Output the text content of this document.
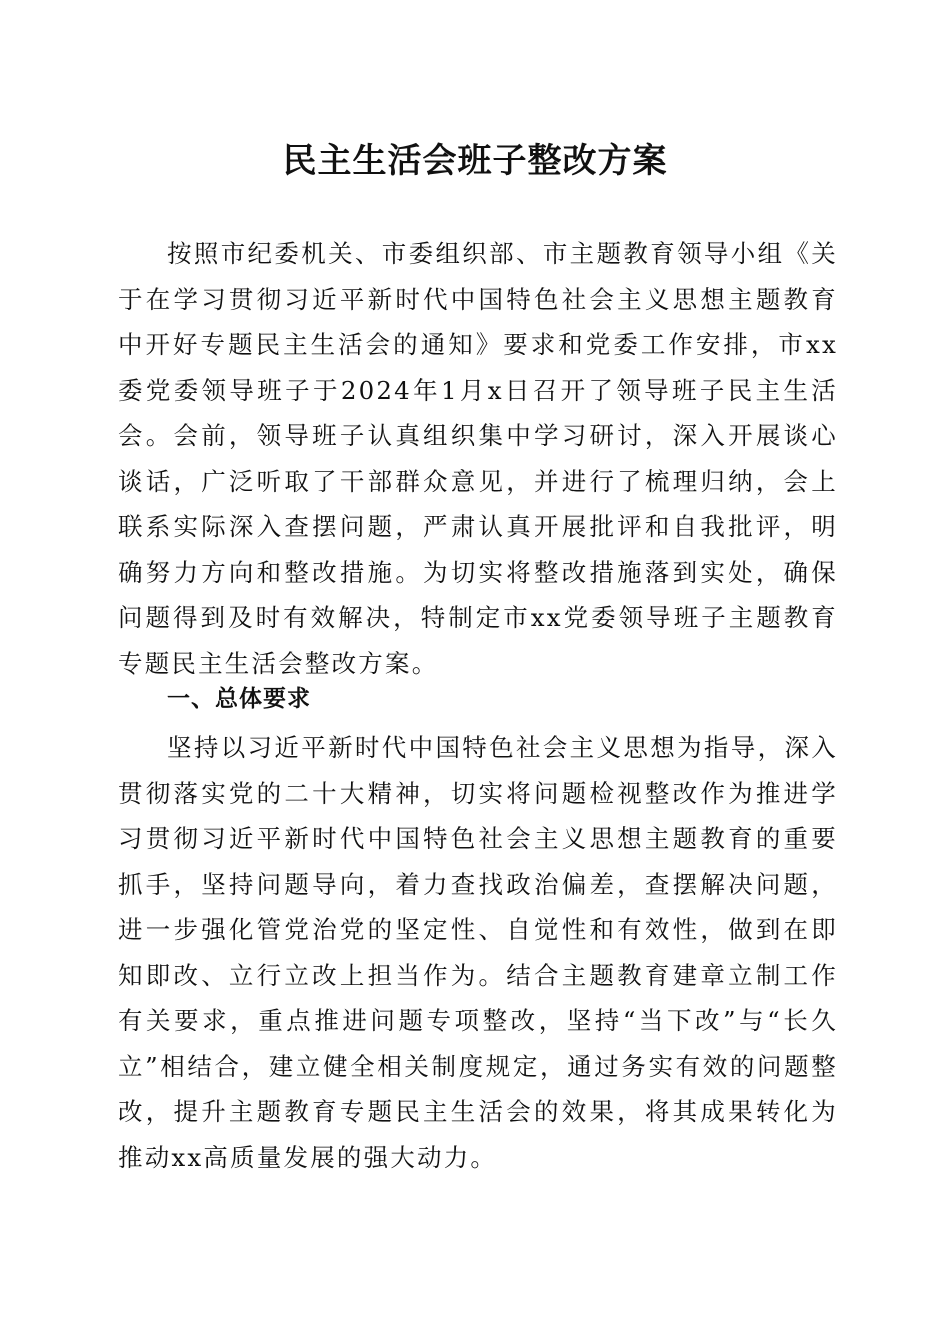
民主生活会班子整改方案

按照市纪委机关、市委组织部、市主题教育领导小组《关于在学习贯彻习近平新时代中国特色社会主义思想主题教育中开好专题民主生活会的通知》要求和党委工作安排，市xx委党委领导班子于2024年1月x日召开了领导班子民主生活会。会前，领导班子认真组织集中学习研讨，深入开展谈心谈话，广泛听取了干部群众意见，并进行了梳理归纳，会上联系实际深入查摆问题，严肃认真开展批评和自我批评，明确努力方向和整改措施。为切实将整改措施落到实处，确保问题得到及时有效解决，特制定市xx党委领导班子主题教育专题民主生活会整改方案。

一、总体要求

坚持以习近平新时代中国特色社会主义思想为指导，深入贯彻落实党的二十大精神，切实将问题检视整改作为推进学习贯彻习近平新时代中国特色社会主义思想主题教育的重要抓手，坚持问题导向，着力查找政治偏差，查摆解决问题，进一步强化管党治党的坚定性、自觉性和有效性，做到在即知即改、立行立改上担当作为。结合主题教育建章立制工作有关要求，重点推进问题专项整改，坚持“当下改”与“长久立”相结合，建立健全相关制度规定，通过务实有效的问题整改，提升主题教育专题民主生活会的效果，将其成果转化为推动xx高质量发展的强大动力。
